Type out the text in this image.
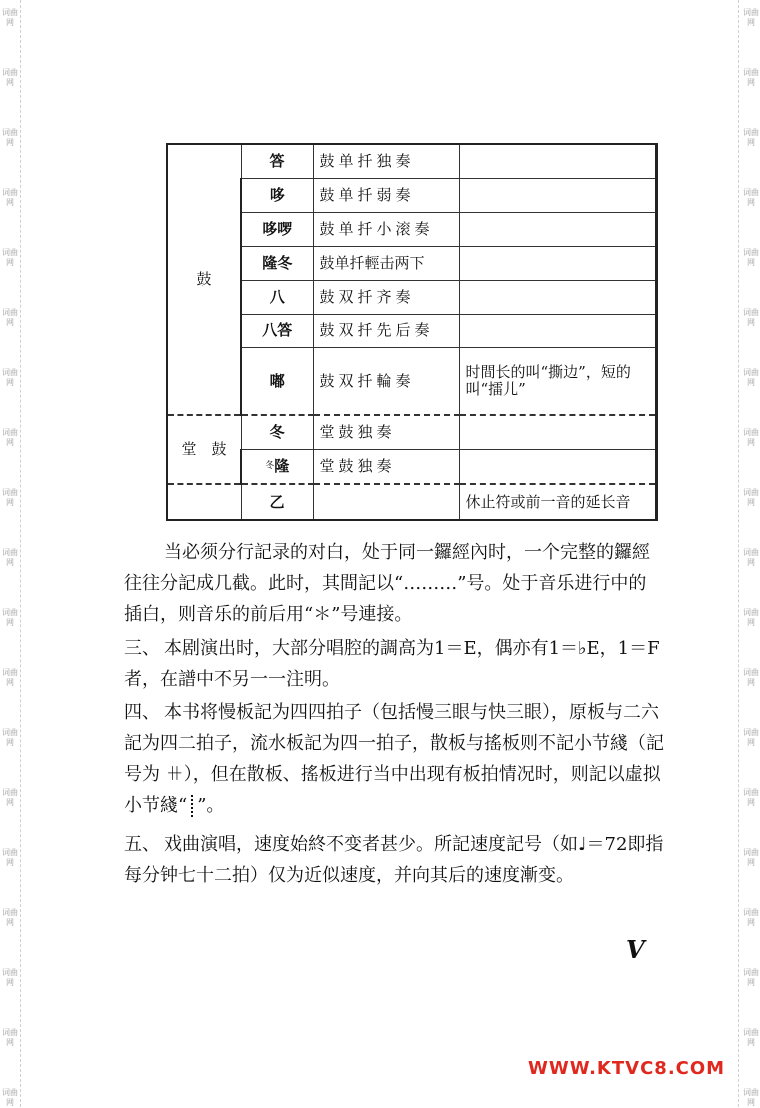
词曲网
词曲网
词曲网
词曲网
词曲网
词曲网
词曲网
词曲网
词曲网
词曲网
词曲网
词曲网
词曲网
词曲网
词曲网
词曲网
词曲网
词曲网
词曲网
词曲网
词曲网
词曲网
词曲网
词曲网
词曲网
词曲网
词曲网
词曲网
词曲网
词曲网
词曲网
词曲网
词曲网
词曲网
词曲网
词曲网
词曲网
词曲网
鼓	答	鼓单扦独奏	
	哆	鼓单扦弱奏	
	哆啰	鼓单扦小滚奏	
	隆冬	鼓单扦輕击两下	
	八	鼓双扦齐奏	
	八答	鼓双扦先后奏	
	嘟	鼓双扦輪奏	时間长的叫“撕边”，短的叫“擂儿”
堂　鼓	冬	堂鼓独奏	
	$^冬$隆	堂鼓独奏	
	乙		休止符或前一音的延长音

当必须分行記录的对白，处于同一鑼經內时，一个完整的鑼經往往分記成几截。此时，其間記以“………”号。处于音乐进行中的插白，则音乐的前后用“＊”号連接。

三、 本剧演出时，大部分唱腔的調高为1＝E，偶亦有1＝♭E，1＝F者，在譜中不另一一注明。

四、 本书将慢板記为四四拍子（包括慢三眼与快三眼），原板与二六記为四二拍子，流水板記为四一拍子，散板与搖板则不記小节綫（記号为 ⧺），但在散板、搖板进行当中出现有板拍情况时，则記以虛拟小节綫“ ”。

五、 戏曲演唱，速度始終不变者甚少。所記速度記号（如♩＝72即指每分钟七十二拍）仅为近似速度，并向其后的速度漸变。

V
WWW.KTVC8.COM
